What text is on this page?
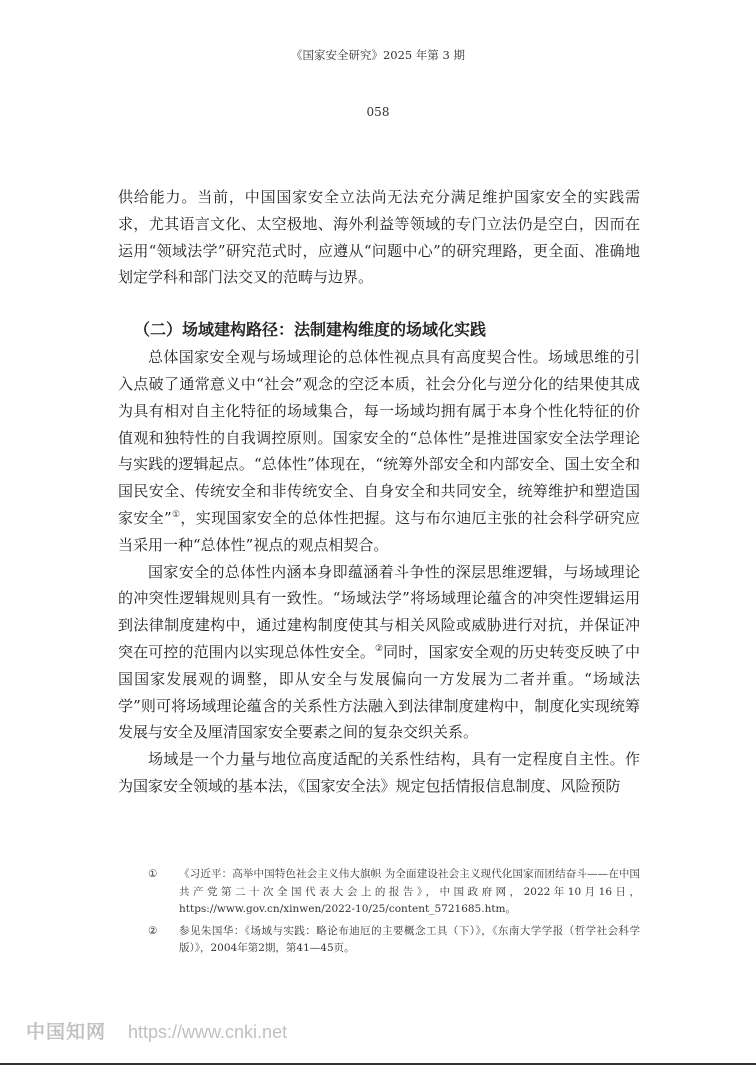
《国家安全研究》2025 年第 3 期
058

供给能力。当前，中国国家安全立法尚无法充分满足维护国家安全的实践需求，尤其语言文化、太空极地、海外利益等领域的专门立法仍是空白，因而在运用“领域法学”研究范式时，应遵从“问题中心”的研究理路，更全面、准确地划定学科和部门法交叉的范畴与边界。

（二）场域建构路径：法制建构维度的场域化实践

总体国家安全观与场域理论的总体性视点具有高度契合性。场域思维的引入点破了通常意义中“社会”观念的空泛本质，社会分化与逆分化的结果使其成为具有相对自主化特征的场域集合，每一场域均拥有属于本身个性化特征的价值观和独特性的自我调控原则。国家安全的“总体性”是推进国家安全法学理论与实践的逻辑起点。“总体性”体现在，“统筹外部安全和内部安全、国土安全和国民安全、传统安全和非传统安全、自身安全和共同安全，统筹维护和塑造国家安全”①，实现国家安全的总体性把握。这与布尔迪厄主张的社会科学研究应当采用一种“总体性”视点的观点相契合。

国家安全的总体性内涵本身即蕴涵着斗争性的深层思维逻辑，与场域理论的冲突性逻辑规则具有一致性。“场域法学”将场域理论蕴含的冲突性逻辑运用到法律制度建构中，通过建构制度使其与相关风险或威胁进行对抗，并保证冲突在可控的范围内以实现总体性安全。②同时，国家安全观的历史转变反映了中国国家发展观的调整，即从安全与发展偏向一方发展为二者并重。“场域法学”则可将场域理论蕴含的关系性方法融入到法律制度建构中，制度化实现统筹发展与安全及厘清国家安全要素之间的复杂交织关系。

场域是一个力量与地位高度适配的关系性结构，具有一定程度自主性。作为国家安全领域的基本法，《国家安全法》规定包括情报信息制度、风险预防

①	《习近平：高举中国特色社会主义伟大旗帜 为全面建设社会主义现代化国家而团结奋斗——在中国共产党第二十次全国代表大会上的报告》，中国政府网，2022年10月16日，https://www.gov.cn/xinwen/2022-10/25/content_5721685.htm。
②	参见朱国华：《场域与实践：略论布迪厄的主要概念工具（下）》，《东南大学学报（哲学社会科学版）》，2004年第2期，第41—45页。
中国知网 https://www.cnki.net
